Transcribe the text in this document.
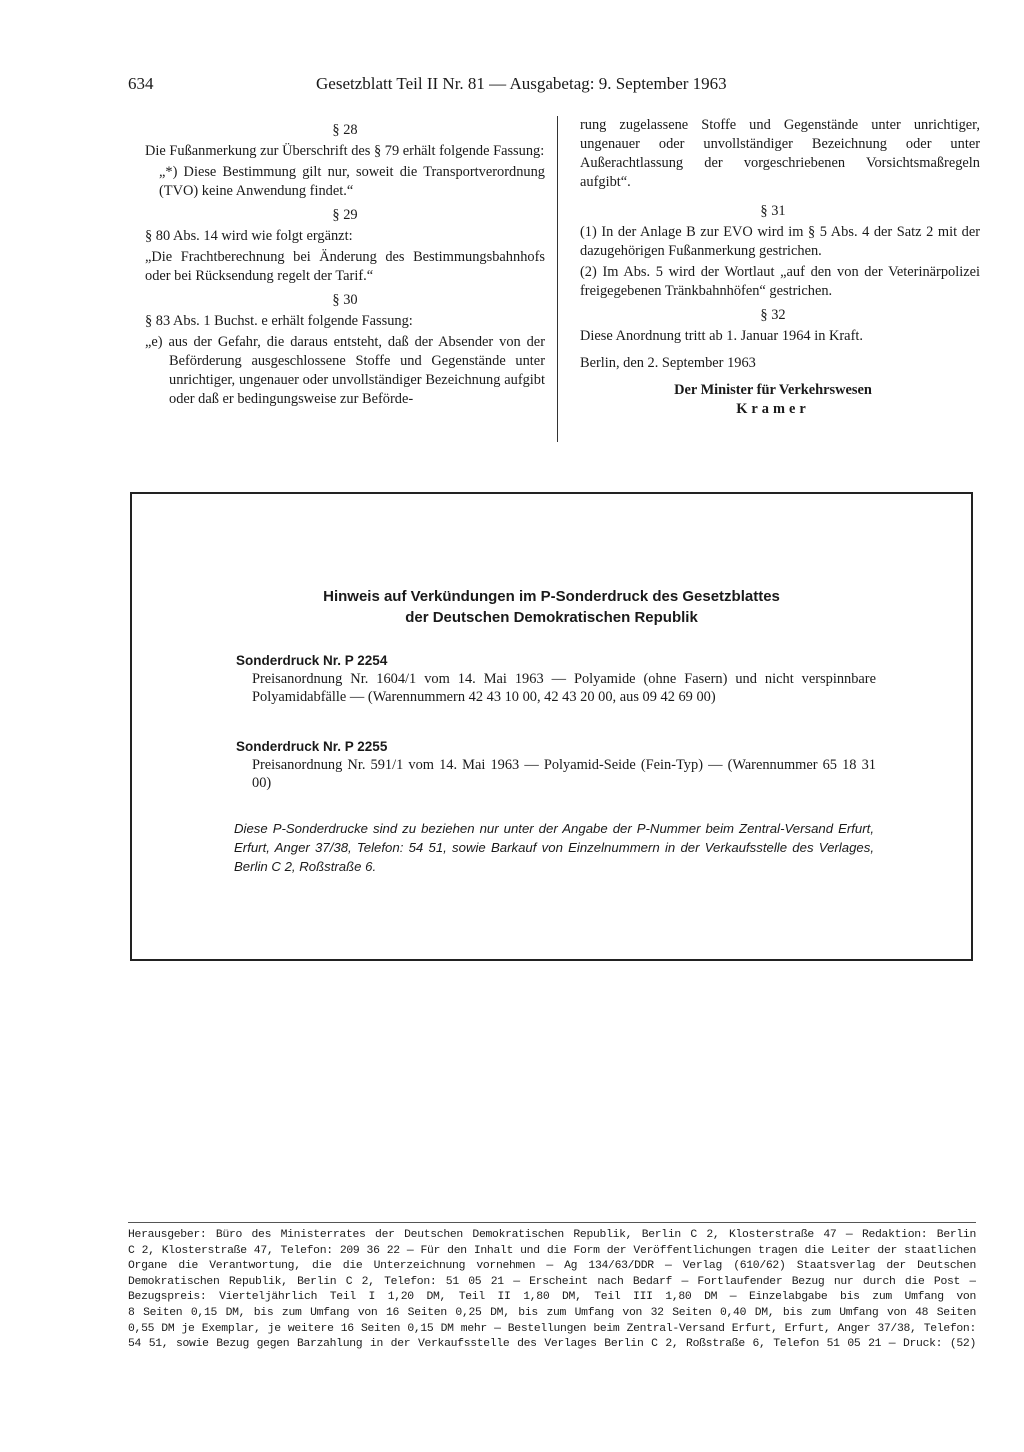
634	Gesetzblatt Teil II Nr. 81 — Ausgabetag: 9. September 1963
§ 28
Die Fußanmerkung zur Überschrift des § 79 erhält folgende Fassung:
„*) Diese Bestimmung gilt nur, soweit die Transportverordnung (TVO) keine Anwendung findet.“
§ 29
§ 80 Abs. 14 wird wie folgt ergänzt:
„Die Frachtberechnung bei Änderung des Bestimmungsbahnhofs oder bei Rücksendung regelt der Tarif.“
§ 30
§ 83 Abs. 1 Buchst. e erhält folgende Fassung:
„e) aus der Gefahr, die daraus entsteht, daß der Absender von der Beförderung ausgeschlossene Stoffe und Gegenstände unter unrichtiger, ungenauer oder unvollständiger Bezeichnung aufgibt oder daß er bedingungsweise zur Beförde-
rung zugelassene Stoffe und Gegenstände unter unrichtiger, ungenauer oder unvollständiger Bezeichnung oder unter Außerachtlassung der vorgeschriebenen Vorsichtsmaßregeln aufgibt“.
§ 31
(1) In der Anlage B zur EVO wird im § 5 Abs. 4 der Satz 2 mit der dazugehörigen Fußanmerkung gestrichen.
(2) Im Abs. 5 wird der Wortlaut „auf den von der Veterinärpolizei freigegebenen Tränkbahnhöfen“ gestrichen.
§ 32
Diese Anordnung tritt ab 1. Januar 1964 in Kraft.
Berlin, den 2. September 1963
Der Minister für Verkehrswesen
Kramer
Hinweis auf Verkündungen im P-Sonderdruck des Gesetzblattes
der Deutschen Demokratischen Republik
Sonderdruck Nr. P 2254
Preisanordnung Nr. 1604/1 vom 14. Mai 1963 — Polyamide (ohne Fasern) und nicht verspinnbare Polyamidabfälle — (Warennummern 42 43 10 00, 42 43 20 00, aus 09 42 69 00)
Sonderdruck Nr. P 2255
Preisanordnung Nr. 591/1 vom 14. Mai 1963 — Polyamid-Seide (Fein-Typ) — (Warennummer 65 18 31 00)
Diese P-Sonderdrucke sind zu beziehen nur unter der Angabe der P-Nummer beim Zentral-Versand Erfurt, Erfurt, Anger 37/38, Telefon: 54 51, sowie Barkauf von Einzelnummern in der Verkaufsstelle des Verlages, Berlin C 2, Roßstraße 6.
Herausgeber: Büro des Ministerrates der Deutschen Demokratischen Republik, Berlin C 2, Klosterstraße 47 — Redaktion: Berlin
C 2, Klosterstraße 47, Telefon: 209 36 22 — Für den Inhalt und die Form der Veröffentlichungen tragen die Leiter der staatlichen
Organe die Verantwortung, die die Unterzeichnung vornehmen — Ag 134/63/DDR — Verlag (610/62) Staatsverlag der Deutschen
Demokratischen Republik, Berlin C 2, Telefon: 51 05 21 — Erscheint nach Bedarf — Fortlaufender Bezug nur durch die Post —
Bezugspreis: Vierteljährlich Teil I 1,20 DM, Teil II 1,80 DM, Teil III 1,80 DM — Einzelabgabe bis zum Umfang von
8 Seiten 0,15 DM, bis zum Umfang von 16 Seiten 0,25 DM, bis zum Umfang von 32 Seiten 0,40 DM, bis zum Umfang von 48 Seiten
0,55 DM je Exemplar, je weitere 16 Seiten 0,15 DM mehr — Bestellungen beim Zentral-Versand Erfurt, Erfurt, Anger 37/38, Telefon:
54 51, sowie Bezug gegen Barzahlung in der Verkaufsstelle des Verlages Berlin C 2, Roßstraße 6, Telefon 51 05 21 — Druck: (52)
